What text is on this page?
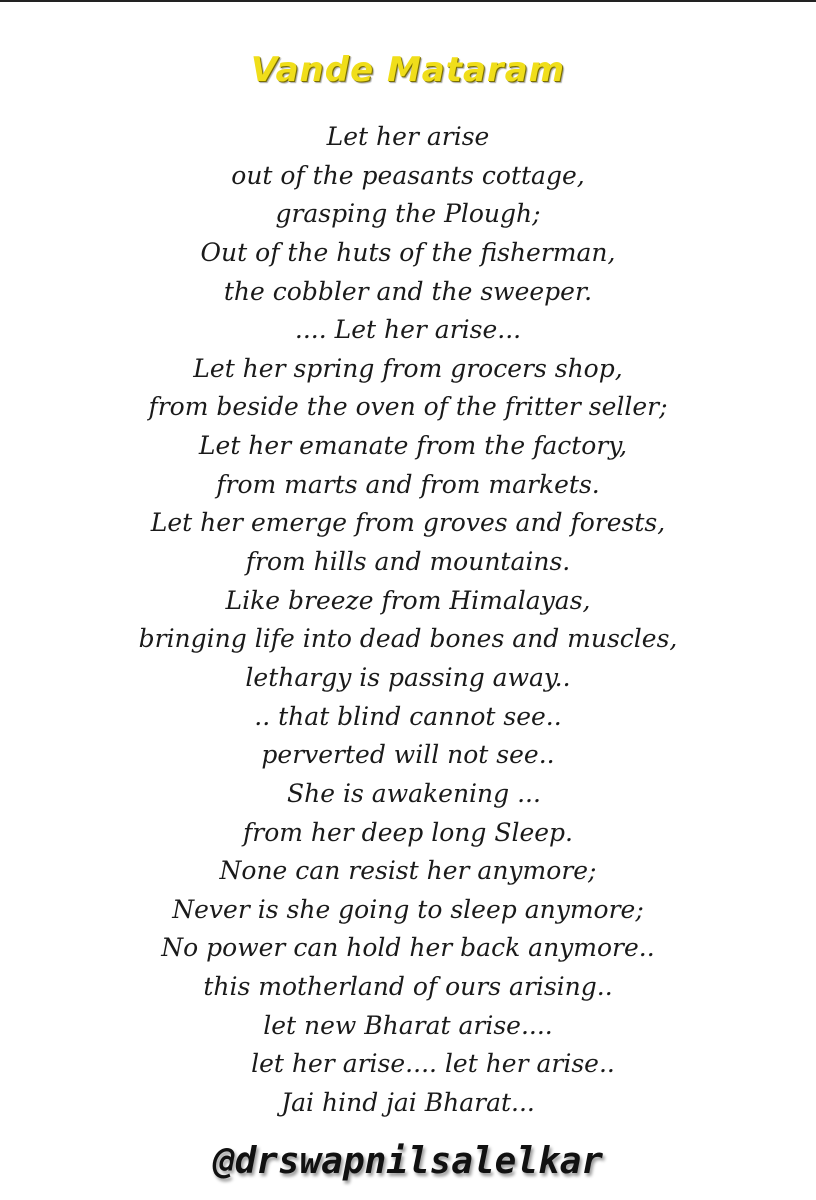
Vande Mataram
Let her arise
out of the peasants cottage,
grasping the Plough;
Out of the huts of the fisherman,
the cobbler and the sweeper.
.... Let her arise...
Let her spring from grocers shop,
from beside the oven of the fritter seller;
Let her emanate from the factory,
from marts and from markets.
Let her emerge from groves and forests,
from hills and mountains.
Like breeze from Himalayas,
bringing life into dead bones and muscles,
lethargy is passing away..
.. that blind cannot see..
perverted will not see..
She is awakening ...
from her deep long Sleep.
None can resist her anymore;
Never is she going to sleep anymore;
No power can hold her back anymore..
this motherland of ours arising..
let new Bharat arise....
let her arise.... let her arise..
Jai hind jai Bharat...

@drswapnilsalelkar
